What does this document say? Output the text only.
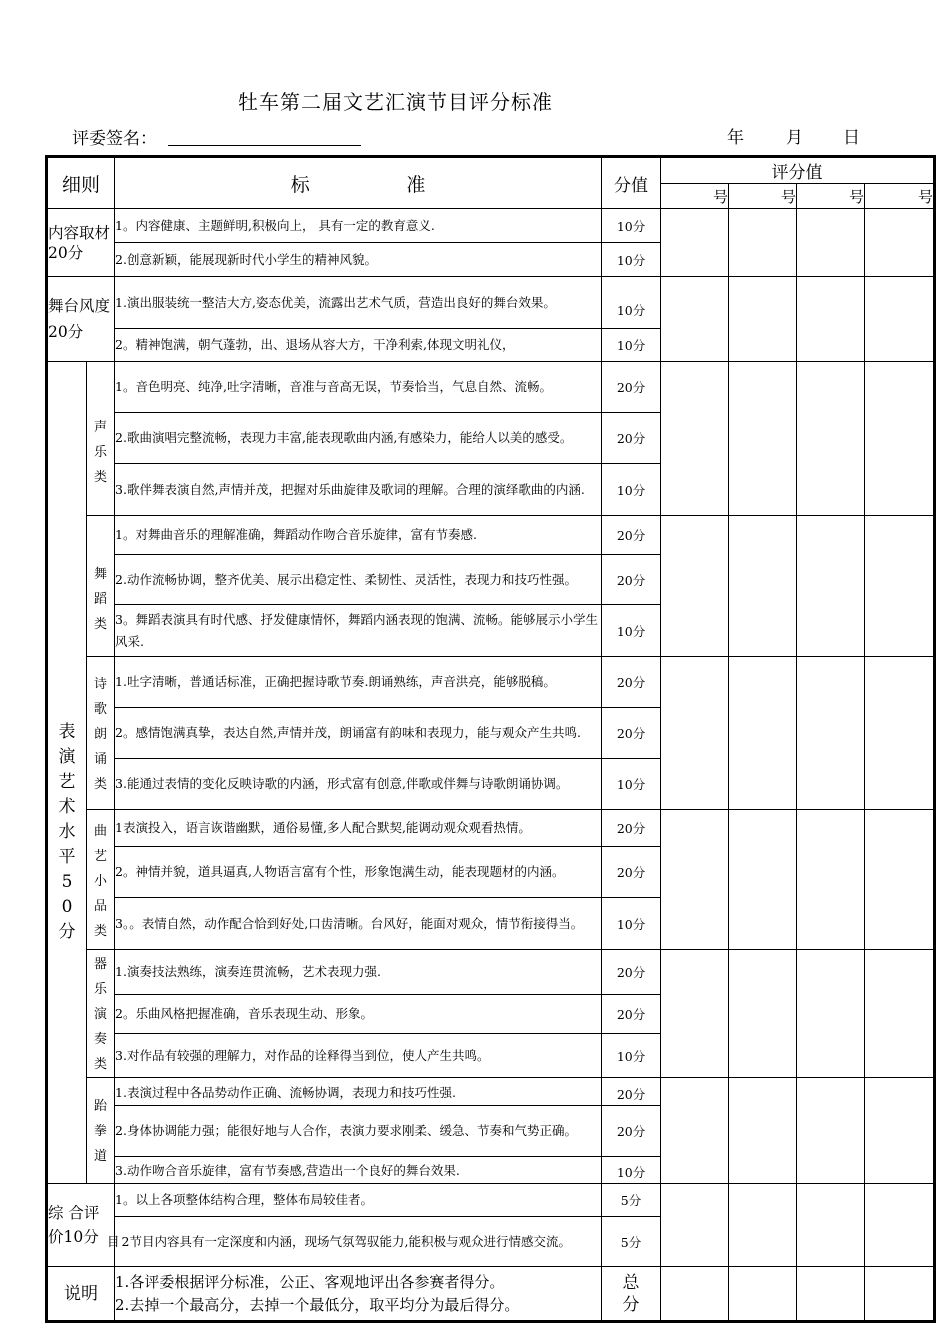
牡车第二届文艺汇演节目评分标准
评委签名：	年 月 日
细则		标                准	分值	评分值			
				号	号	号	号
内容取材20分		1。内容健康、主题鲜明,积极向上， 具有一定的教育意义.	10分				
		2.创意新颖，能展现新时代小学生的精神风貌。	10分				
舞台风度20分		1.演出服装统一整洁大方,姿态优美，流露出艺术气质，营造出良好的舞台效果。	10分				
		2。精神饱满，朝气蓬勃，出、退场从容大方，干净利索,体现文明礼仪，	10分				
表演艺术水平50分	声乐类	1。音色明亮、纯净,吐字清晰，音准与音高无误，节奏恰当，气息自然、流畅。	20分				
		2.歌曲演唱完整流畅，表现力丰富,能表现歌曲内涵,有感染力，能给人以美的感受。	20分				
		3.歌伴舞表演自然,声情并茂，把握对乐曲旋律及歌词的理解。合理的演绎歌曲的内涵.	10分				
	舞蹈类	1。对舞曲音乐的理解准确，舞蹈动作吻合音乐旋律，富有节奏感.	20分				
		2.动作流畅协调，整齐优美、展示出稳定性、柔韧性、灵活性，表现力和技巧性强。	20分				
		3。舞蹈表演具有时代感、抒发健康情怀，舞蹈内涵表现的饱满、流畅。能够展示小学生风采.	10分				
	诗歌朗诵类	1.吐字清晰，普通话标准，正确把握诗歌节奏.朗诵熟练，声音洪亮，能够脱稿。	20分				
		2。感情饱满真挚，表达自然,声情并茂，朗诵富有韵味和表现力，能与观众产生共鸣.	20分				
		3.能通过表情的变化反映诗歌的内涵，形式富有创意,伴歌或伴舞与诗歌朗诵协调。	10分				
	曲艺小品类	1表演投入，语言诙谐幽默，通俗易懂,多人配合默契,能调动观众观看热情。	20分				
		2。神情并貌，道具逼真,人物语言富有个性，形象饱满生动，能表现题材的内涵。	20分				
		3。。表情自然，动作配合恰到好处,口齿清晰。台风好，能面对观众，情节衔接得当。	10分				
	器乐演奏类	1.演奏技法熟练，演奏连贯流畅，艺术表现力强.	20分				
		2。乐曲风格把握准确，音乐表现生动、形象。	20分				
		3.对作品有较强的理解力，对作品的诠释得当到位，使人产生共鸣。	10分				
	跆拳道	1.表演过程中各品势动作正确、流畅协调，表现力和技巧性强.	20分				
		2.身体协调能力强；能很好地与人合作，表演力要求刚柔、缓急、节奏和气势正确。	20分				
		3.动作吻合音乐旋律，富有节奏感,营造出一个良好的舞台效果.	10分				
综 合评 价10分		1。以上各项整体结构合理，整体布局较佳者。	5分				
		目 2节目内容具有一定深度和内涵，现场气氛驾驭能力,能积极与观众进行情感交流。	5分				
说明		1.各评委根据评分标准，公正、客观地评出各参赛者得分。
2.去掉一个最高分，去掉一个最低分，取平均分为最后得分。	总分				
